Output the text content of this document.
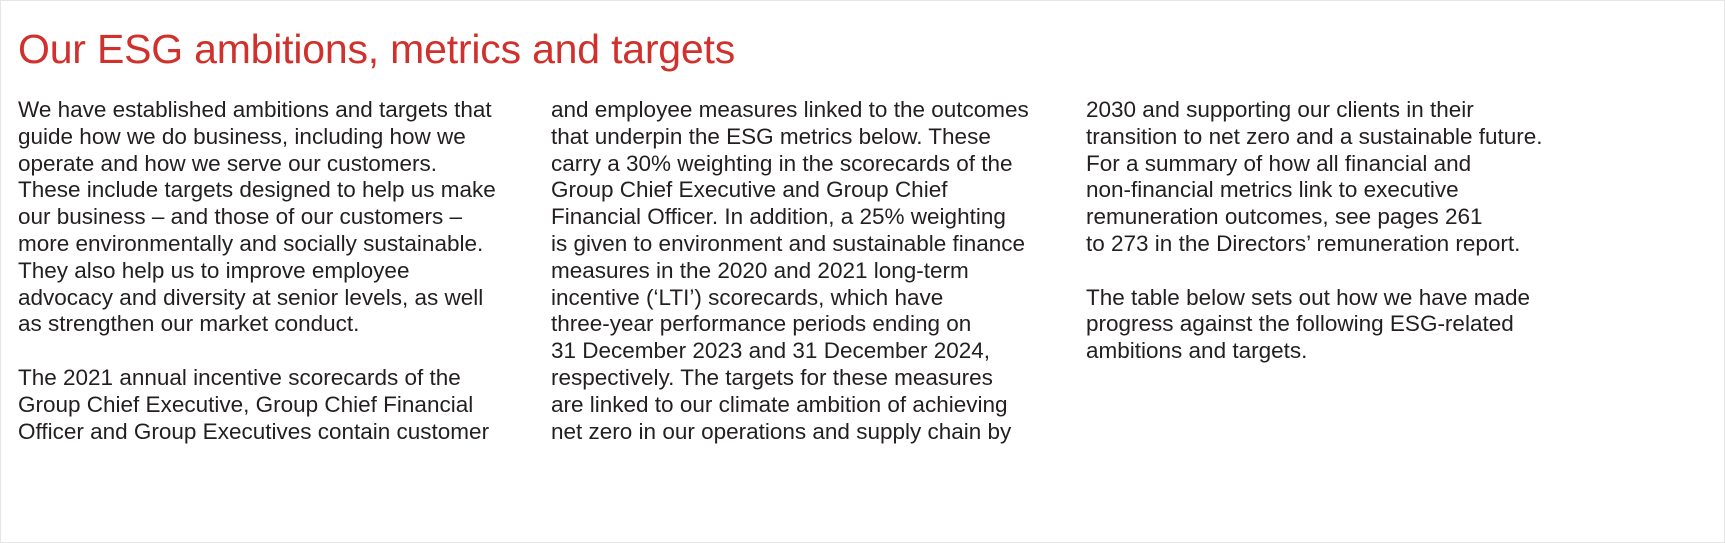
Our ESG ambitions, metrics and targets
We have established ambitions and targets that
guide how we do business, including how we
operate and how we serve our customers.
These include targets designed to help us make
our business – and those of our customers –
more environmentally and socially sustainable.
They also help us to improve employee
advocacy and diversity at senior levels, as well
as strengthen our market conduct.
The 2021 annual incentive scorecards of the
Group Chief Executive, Group Chief Financial
Officer and Group Executives contain customer
and employee measures linked to the outcomes
that underpin the ESG metrics below. These
carry a 30% weighting in the scorecards of the
Group Chief Executive and Group Chief
Financial Officer. In addition, a 25% weighting
is given to environment and sustainable finance
measures in the 2020 and 2021 long-term
incentive (‘LTI’) scorecards, which have
three-year performance periods ending on
31 December 2023 and 31 December 2024,
respectively. The targets for these measures
are linked to our climate ambition of achieving
net zero in our operations and supply chain by
2030 and supporting our clients in their
transition to net zero and a sustainable future.
For a summary of how all financial and
non-financial metrics link to executive
remuneration outcomes, see pages 261
to 273 in the Directors’ remuneration report.
The table below sets out how we have made
progress against the following ESG-related
ambitions and targets.
